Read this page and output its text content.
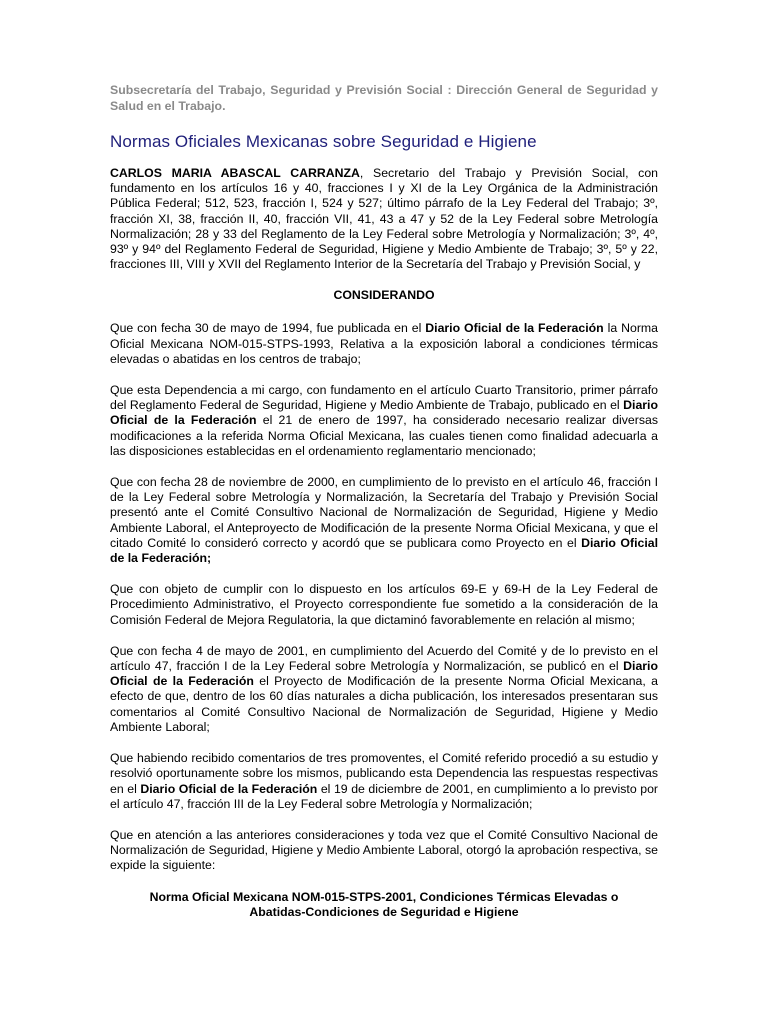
Subsecretaría del Trabajo, Seguridad y Previsión Social : Dirección General de Seguridad y Salud en el Trabajo.
Normas Oficiales Mexicanas sobre Seguridad e Higiene

CARLOS MARIA ABASCAL CARRANZA, Secretario del Trabajo y Previsión Social, con fundamento en los artículos 16 y 40, fracciones I y XI de la Ley Orgánica de la Administración Pública Federal; 512, 523, fracción I, 524 y 527; último párrafo de la Ley Federal del Trabajo; 3º, fracción XI, 38, fracción II, 40, fracción VII, 41, 43 a 47 y 52 de la Ley Federal sobre Metrología Normalización; 28 y 33 del Reglamento de la Ley Federal sobre Metrología y Normalización; 3º, 4º, 93º y 94º del Reglamento Federal de Seguridad, Higiene y Medio Ambiente de Trabajo; 3º, 5º y 22, fracciones III, VIII y XVII del Reglamento Interior de la Secretaría del Trabajo y Previsión Social, y

CONSIDERANDO

Que con fecha 30 de mayo de 1994, fue publicada en el Diario Oficial de la Federación la Norma Oficial Mexicana NOM-015-STPS-1993, Relativa a la exposición laboral a condiciones térmicas elevadas o abatidas en los centros de trabajo;

Que esta Dependencia a mi cargo, con fundamento en el artículo Cuarto Transitorio, primer párrafo del Reglamento Federal de Seguridad, Higiene y Medio Ambiente de Trabajo, publicado en el Diario Oficial de la Federación el 21 de enero de 1997, ha considerado necesario realizar diversas modificaciones a la referida Norma Oficial Mexicana, las cuales tienen como finalidad adecuarla a las disposiciones establecidas en el ordenamiento reglamentario mencionado;

Que con fecha 28 de noviembre de 2000, en cumplimiento de lo previsto en el artículo 46, fracción I de la Ley Federal sobre Metrología y Normalización, la Secretaría del Trabajo y Previsión Social presentó ante el Comité Consultivo Nacional de Normalización de Seguridad, Higiene y Medio Ambiente Laboral, el Anteproyecto de Modificación de la presente Norma Oficial Mexicana, y que el citado Comité lo consideró correcto y acordó que se publicara como Proyecto en el Diario Oficial de la Federación;

Que con objeto de cumplir con lo dispuesto en los artículos 69-E y 69-H de la Ley Federal de Procedimiento Administrativo, el Proyecto correspondiente fue sometido a la consideración de la Comisión Federal de Mejora Regulatoria, la que dictaminó favorablemente en relación al mismo;

Que con fecha 4 de mayo de 2001, en cumplimiento del Acuerdo del Comité y de lo previsto en el artículo 47, fracción I de la Ley Federal sobre Metrología y Normalización, se publicó en el Diario Oficial de la Federación el Proyecto de Modificación de la presente Norma Oficial Mexicana, a efecto de que, dentro de los 60 días naturales a dicha publicación, los interesados presentaran sus comentarios al Comité Consultivo Nacional de Normalización de Seguridad, Higiene y Medio Ambiente Laboral;

Que habiendo recibido comentarios de tres promoventes, el Comité referido procedió a su estudio y resolvió oportunamente sobre los mismos, publicando esta Dependencia las respuestas respectivas en el Diario Oficial de la Federación el 19 de diciembre de 2001, en cumplimiento a lo previsto por el artículo 47, fracción III de la Ley Federal sobre Metrología y Normalización;

Que en atención a las anteriores consideraciones y toda vez que el Comité Consultivo Nacional de Normalización de Seguridad, Higiene y Medio Ambiente Laboral, otorgó la aprobación respectiva, se expide la siguiente:

Norma Oficial Mexicana NOM-015-STPS-2001, Condiciones Térmicas Elevadas o Abatidas-Condiciones de Seguridad e Higiene
